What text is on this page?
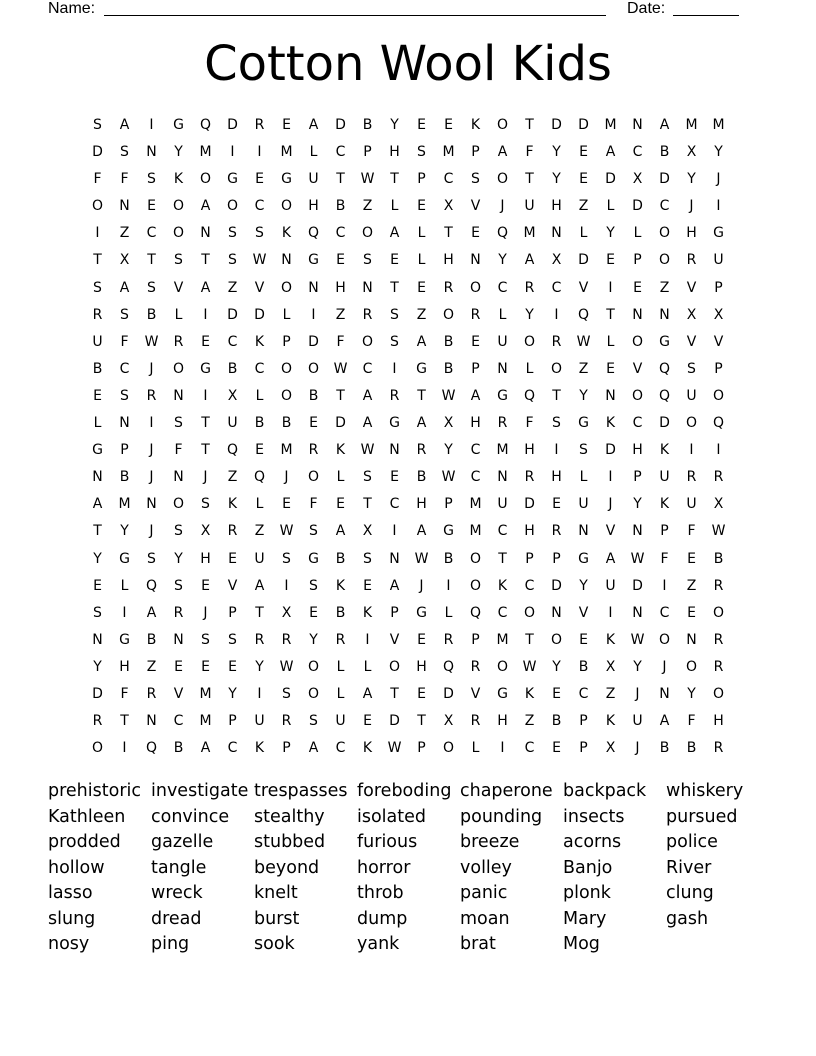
Name:	Date:
Cotton Wool Kids
S	A	I	G	Q	D	R	E	A	D	B	Y	E	E	K	O	T	D	D	M	N	A	M	M
D	S	N	Y	M	I	I	M	L	C	P	H	S	M	P	A	F	Y	E	A	C	B	X	Y
F	F	S	K	O	G	E	G	U	T	W	T	P	C	S	O	T	Y	E	D	X	D	Y	J
O	N	E	O	A	O	C	O	H	B	Z	L	E	X	V	J	U	H	Z	L	D	C	J	I
I	Z	C	O	N	S	S	K	Q	C	O	A	L	T	E	Q	M	N	L	Y	L	O	H	G
T	X	T	S	T	S	W	N	G	E	S	E	L	H	N	Y	A	X	D	E	P	O	R	U
S	A	S	V	A	Z	V	O	N	H	N	T	E	R	O	C	R	C	V	I	E	Z	V	P
R	S	B	L	I	D	D	L	I	Z	R	S	Z	O	R	L	Y	I	Q	T	N	N	X	X
U	F	W	R	E	C	K	P	D	F	O	S	A	B	E	U	O	R	W	L	O	G	V	V
B	C	J	O	G	B	C	O	O	W	C	I	G	B	P	N	L	O	Z	E	V	Q	S	P
E	S	R	N	I	X	L	O	B	T	A	R	T	W	A	G	Q	T	Y	N	O	Q	U	O
L	N	I	S	T	U	B	B	E	D	A	G	A	X	H	R	F	S	G	K	C	D	O	Q
G	P	J	F	T	Q	E	M	R	K	W	N	R	Y	C	M	H	I	S	D	H	K	I	I
N	B	J	N	J	Z	Q	J	O	L	S	E	B	W	C	N	R	H	L	I	P	U	R	R
A	M	N	O	S	K	L	E	F	E	T	C	H	P	M	U	D	E	U	J	Y	K	U	X
T	Y	J	S	X	R	Z	W	S	A	X	I	A	G	M	C	H	R	N	V	N	P	F	W
Y	G	S	Y	H	E	U	S	G	B	S	N	W	B	O	T	P	P	G	A	W	F	E	B
E	L	Q	S	E	V	A	I	S	K	E	A	J	I	O	K	C	D	Y	U	D	I	Z	R
S	I	A	R	J	P	T	X	E	B	K	P	G	L	Q	C	O	N	V	I	N	C	E	O
N	G	B	N	S	S	R	R	Y	R	I	V	E	R	P	M	T	O	E	K	W	O	N	R
Y	H	Z	E	E	E	Y	W	O	L	L	O	H	Q	R	O	W	Y	B	X	Y	J	O	R
D	F	R	V	M	Y	I	S	O	L	A	T	E	D	V	G	K	E	C	Z	J	N	Y	O
R	T	N	C	M	P	U	R	S	U	E	D	T	X	R	H	Z	B	P	K	U	A	F	H
O	I	Q	B	A	C	K	P	A	C	K	W	P	O	L	I	C	E	P	X	J	B	B	R
prehistoric investigate trespasses foreboding chaperone backpack	whiskery
Kathleen	convince	stealthy	isolated	pounding	insects	pursued
prodded	gazelle	stubbed	furious	breeze	acorns	police
hollow	tangle	beyond	horror	volley	Banjo	River
lasso	wreck	knelt	throb	panic	plonk	clung
slung	dread	burst	dump	moan	Mary	gash
nosy	ping	sook	yank	brat	Mog
